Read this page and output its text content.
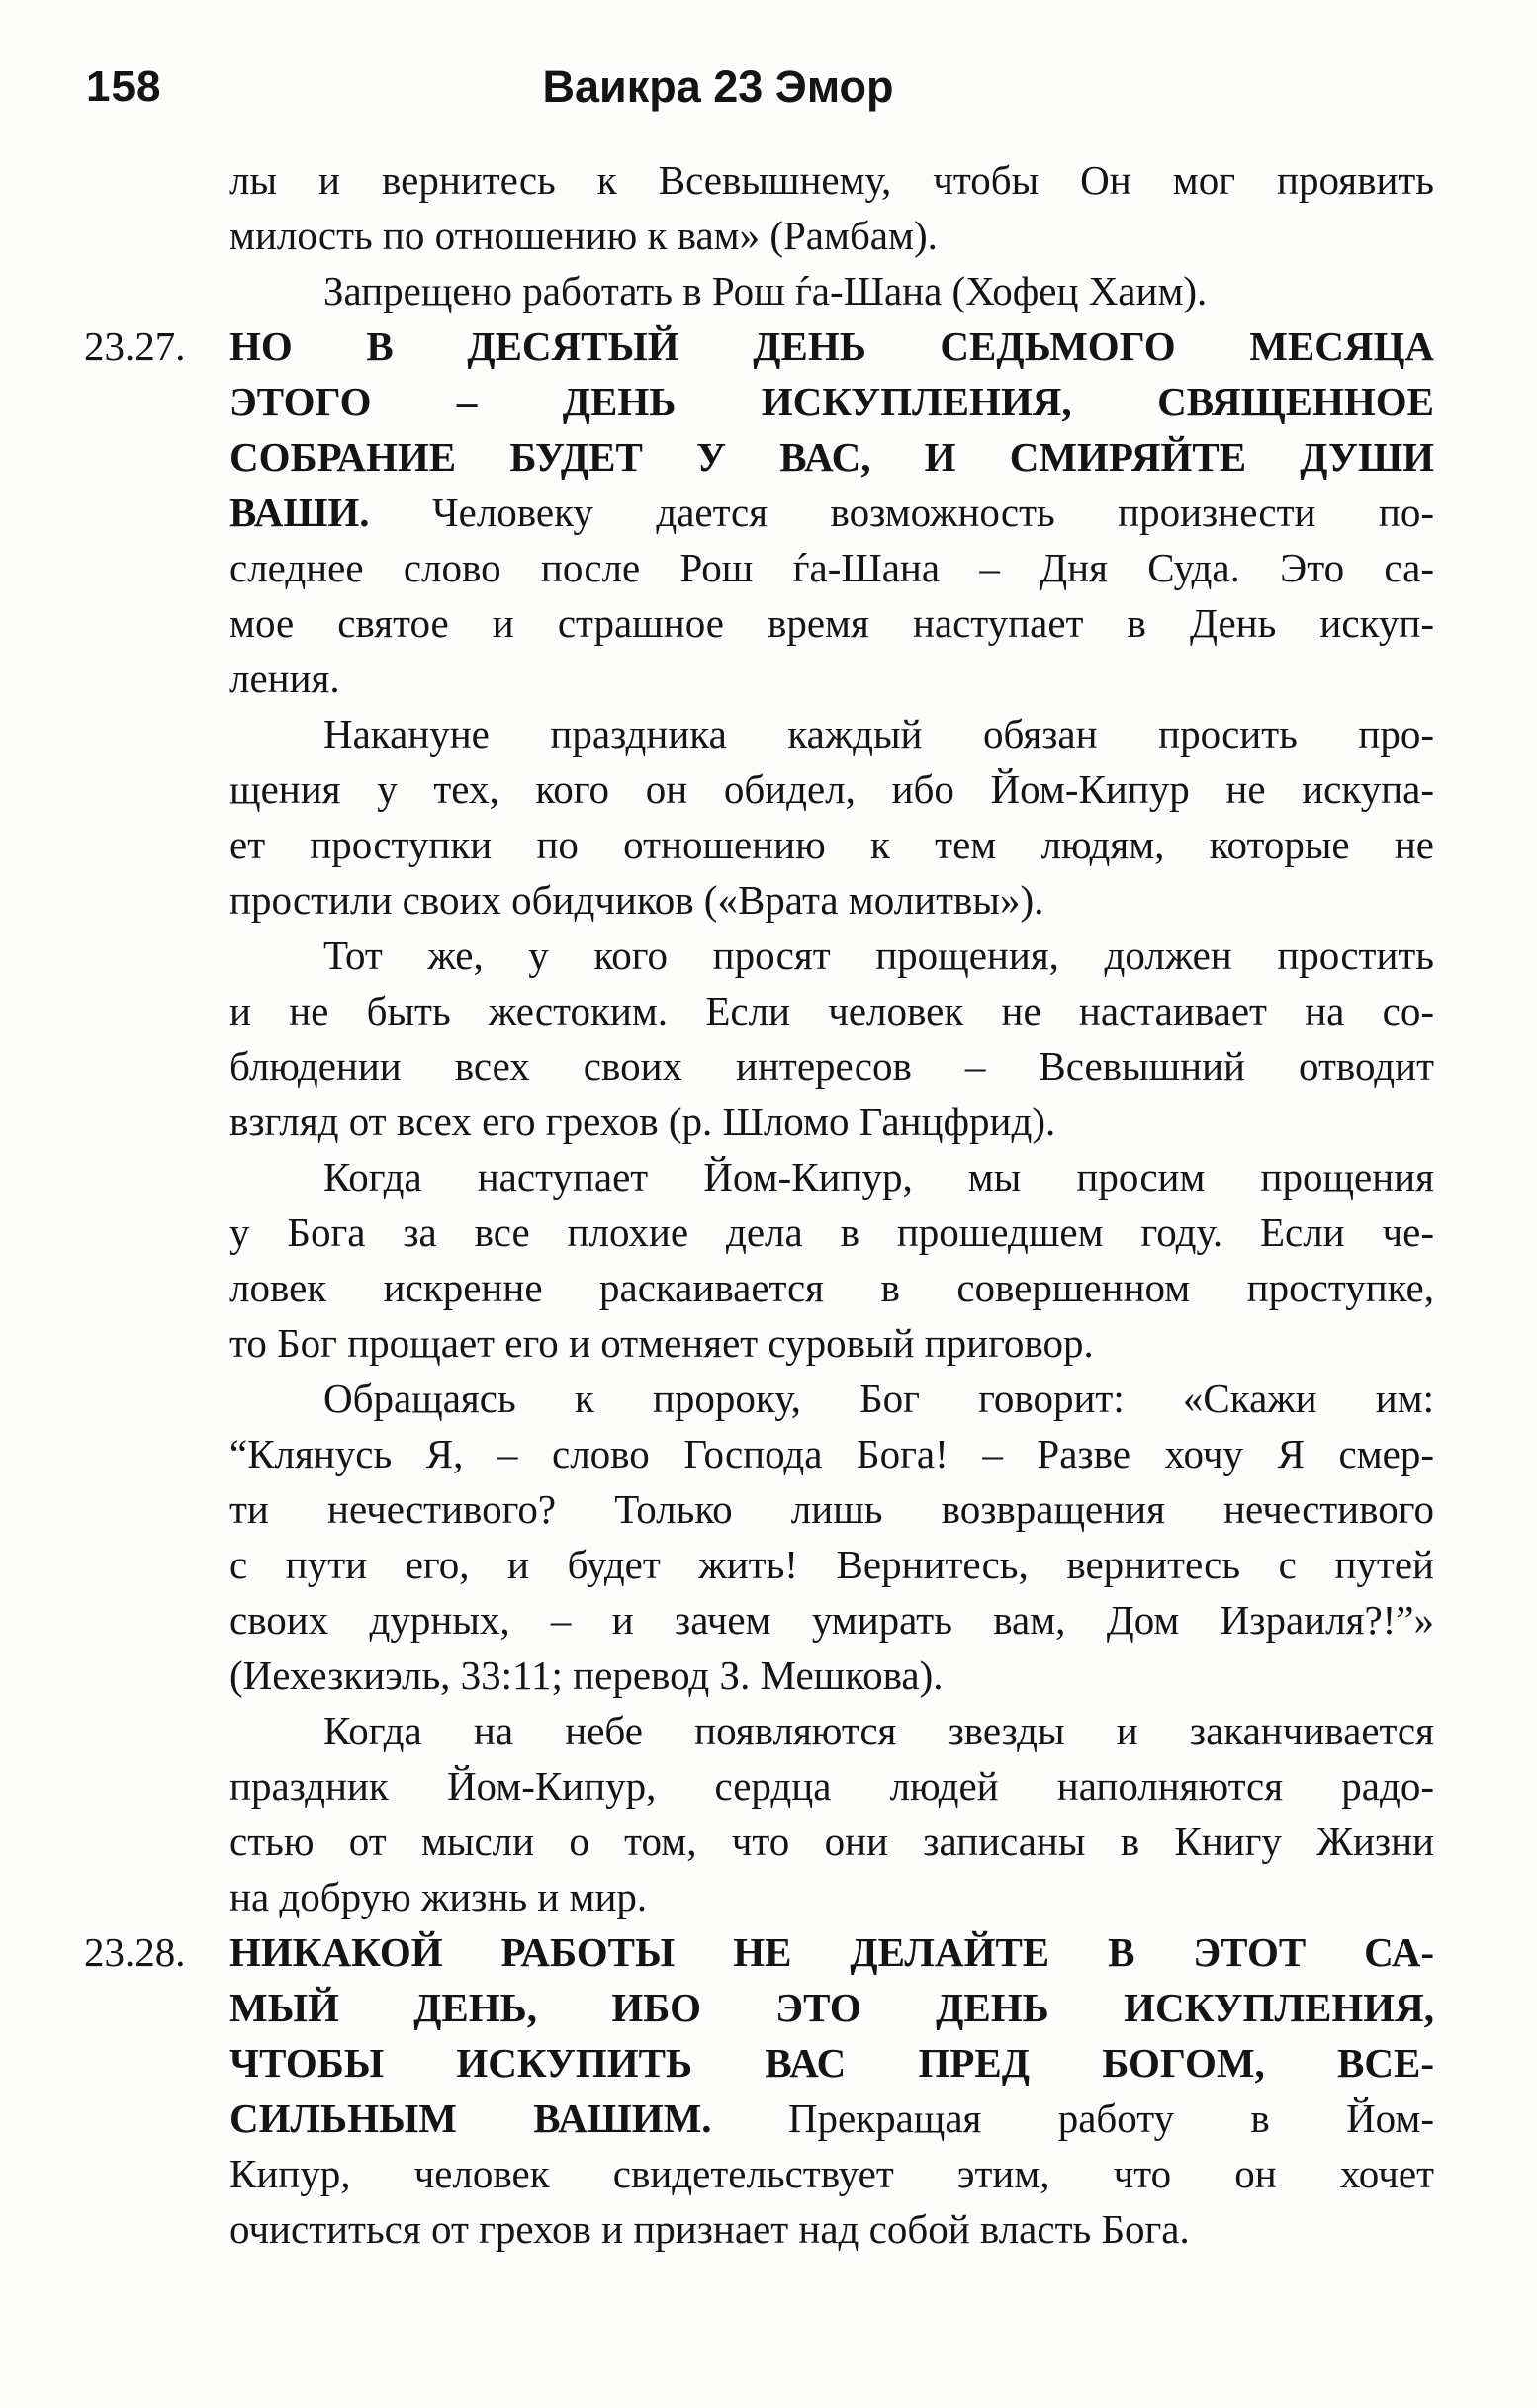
158	Ваикра 23 Эмор
лы и вернитесь к Всевышнему, чтобы Он мог проявить
милость по отношению к вам» (Рамбам).
Запрещено работать в Рош ѓа-Шана (Хофец Хаим).
23.27.	НО В ДЕСЯТЫЙ ДЕНЬ СЕДЬМОГО МЕСЯЦА
ЭТОГО – ДЕНЬ ИСКУПЛЕНИЯ, СВЯЩЕННОЕ
СОБРАНИЕ БУДЕТ У ВАС, И СМИРЯЙТЕ ДУШИ
ВАШИ. Человеку дается возможность произнести по-
следнее слово после Рош ѓа-Шана – Дня Суда. Это са-
мое святое и страшное время наступает в День искуп-
ления.
Накануне праздника каждый обязан просить про-
щения у тех, кого он обидел, ибо Йом-Кипур не искупа-
ет проступки по отношению к тем людям, которые не
простили своих обидчиков («Врата молитвы»).
Тот же, у кого просят прощения, должен простить
и не быть жестоким. Если человек не настаивает на со-
блюдении всех своих интересов – Всевышний отводит
взгляд от всех его грехов (р. Шломо Ганцфрид).
Когда наступает Йом-Кипур, мы просим прощения
у Бога за все плохие дела в прошедшем году. Если че-
ловек искренне раскаивается в совершенном проступке,
то Бог прощает его и отменяет суровый приговор.
Обращаясь к пророку, Бог говорит: «Скажи им:
“Клянусь Я, – слово Господа Бога! – Разве хочу Я смер-
ти нечестивого? Только лишь возвращения нечестивого
с пути его, и будет жить! Вернитесь, вернитесь с путей
своих дурных, – и зачем умирать вам, Дом Израиля?!”»
(Иехезкиэль, 33:11; перевод З. Мешкова).
Когда на небе появляются звезды и заканчивается
праздник Йом-Кипур, сердца людей наполняются радо-
стью от мысли о том, что они записаны в Книгу Жизни
на добрую жизнь и мир.
23.28.	НИКАКОЙ РАБОТЫ НЕ ДЕЛАЙТЕ В ЭТОТ СА-
МЫЙ ДЕНЬ, ИБО ЭТО ДЕНЬ ИСКУПЛЕНИЯ,
ЧТОБЫ ИСКУПИТЬ ВАС ПРЕД БОГОМ, ВСЕ-
СИЛЬНЫМ ВАШИМ. Прекращая работу в Йом-
Кипур, человек свидетельствует этим, что он хочет
очиститься от грехов и признает над собой власть Бога.
